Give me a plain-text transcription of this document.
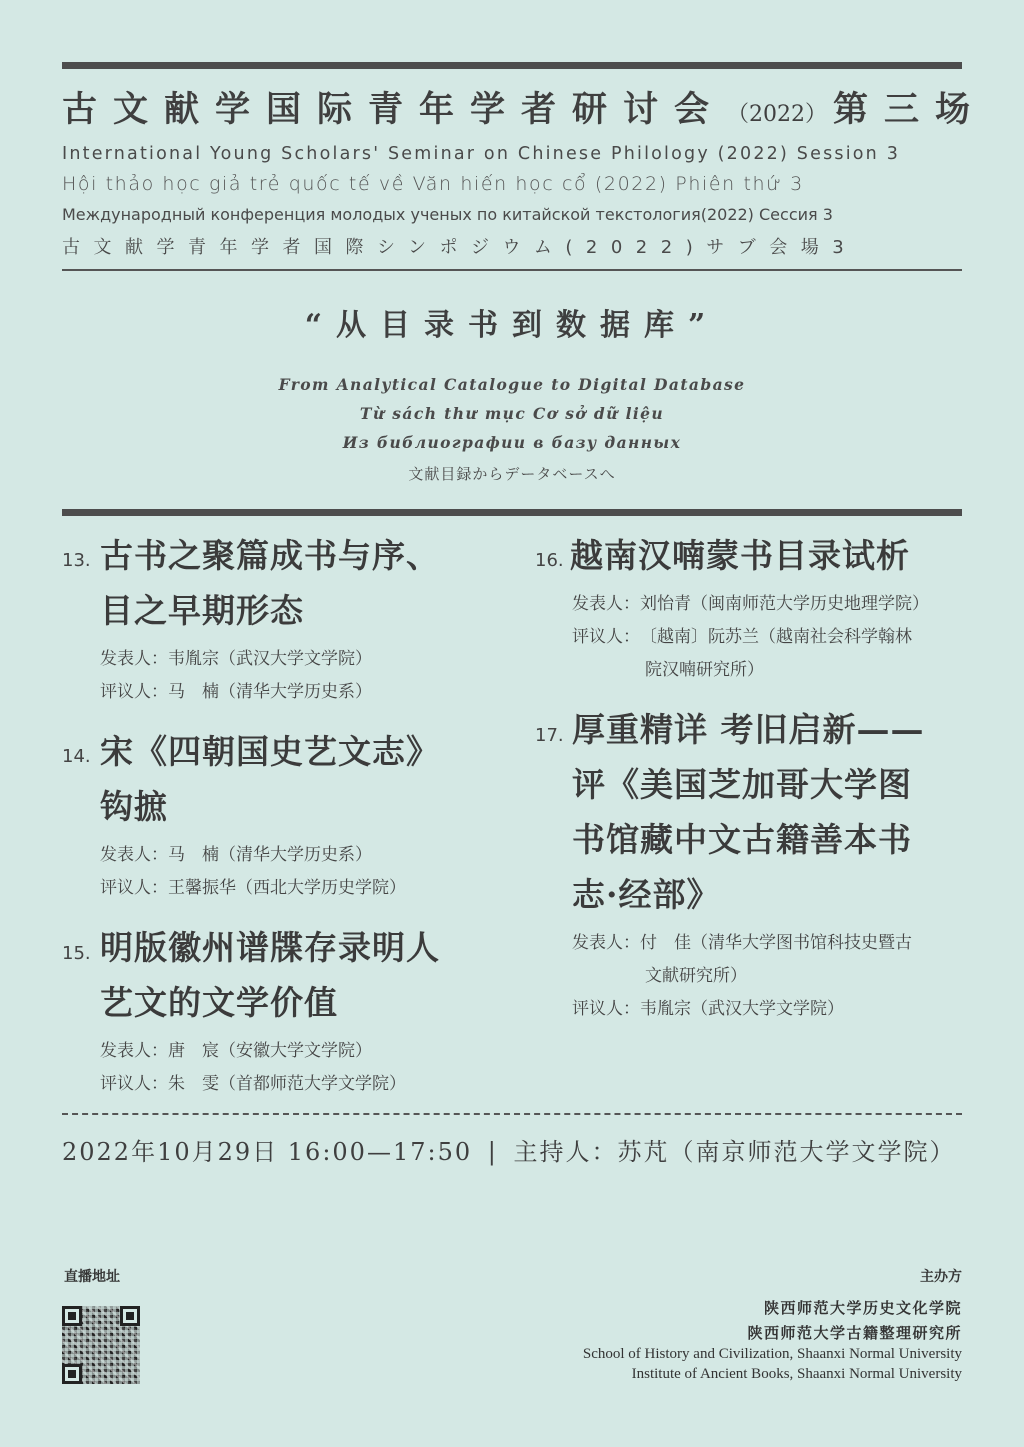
古文献学国际青年学者研讨会 （2022） 第三场
International Young Scholars' Seminar on Chinese Philology (2022) Session 3
Hội thảo học giả trẻ quốc tế về Văn hiến học cổ (2022) Phiên thứ 3
Международный конференция молодых ученых по китайской текстология(2022) Сессия 3
古文献学青年学者国際シンポジウム(2022)サブ会場3
“从目录书到数据库”
From Analytical Catalogue to Digital Database
Từ sách thư mục Cơ sở dữ liệu
Из библиографии в базу данных
文献目録からデータベースへ
13. 古书之聚篇成书与序、
目之早期形态
发表人：韦胤宗（武汉大学文学院）
评议人：马　楠（清华大学历史系）
14. 宋《四朝国史艺文志》
钩摭
发表人：马　楠（清华大学历史系）
评议人：王馨振华（西北大学历史学院）
15. 明版徽州谱牒存录明人
艺文的文学价值
发表人：唐　宸（安徽大学文学院）
评议人：朱　雯（首都师范大学文学院）
16. 越南汉喃蒙书目录试析
发表人：刘怡青（闽南师范大学历史地理学院）
评议人：〔越南〕阮苏兰（越南社会科学翰林
院汉喃研究所）
17. 厚重精详 考旧启新——
评《美国芝加哥大学图
书馆藏中文古籍善本书
志·经部》
发表人：付　佳（清华大学图书馆科技史暨古
文献研究所）
评议人：韦胤宗（武汉大学文学院）
2022年10月29日 16:00—17:50 | 主持人：苏芃（南京师范大学文学院）
直播地址	主办方
陕西师范大学历史文化学院
陕西师范大学古籍整理研究所
School of History and Civilization, Shaanxi Normal University
Institute of Ancient Books, Shaanxi Normal University
